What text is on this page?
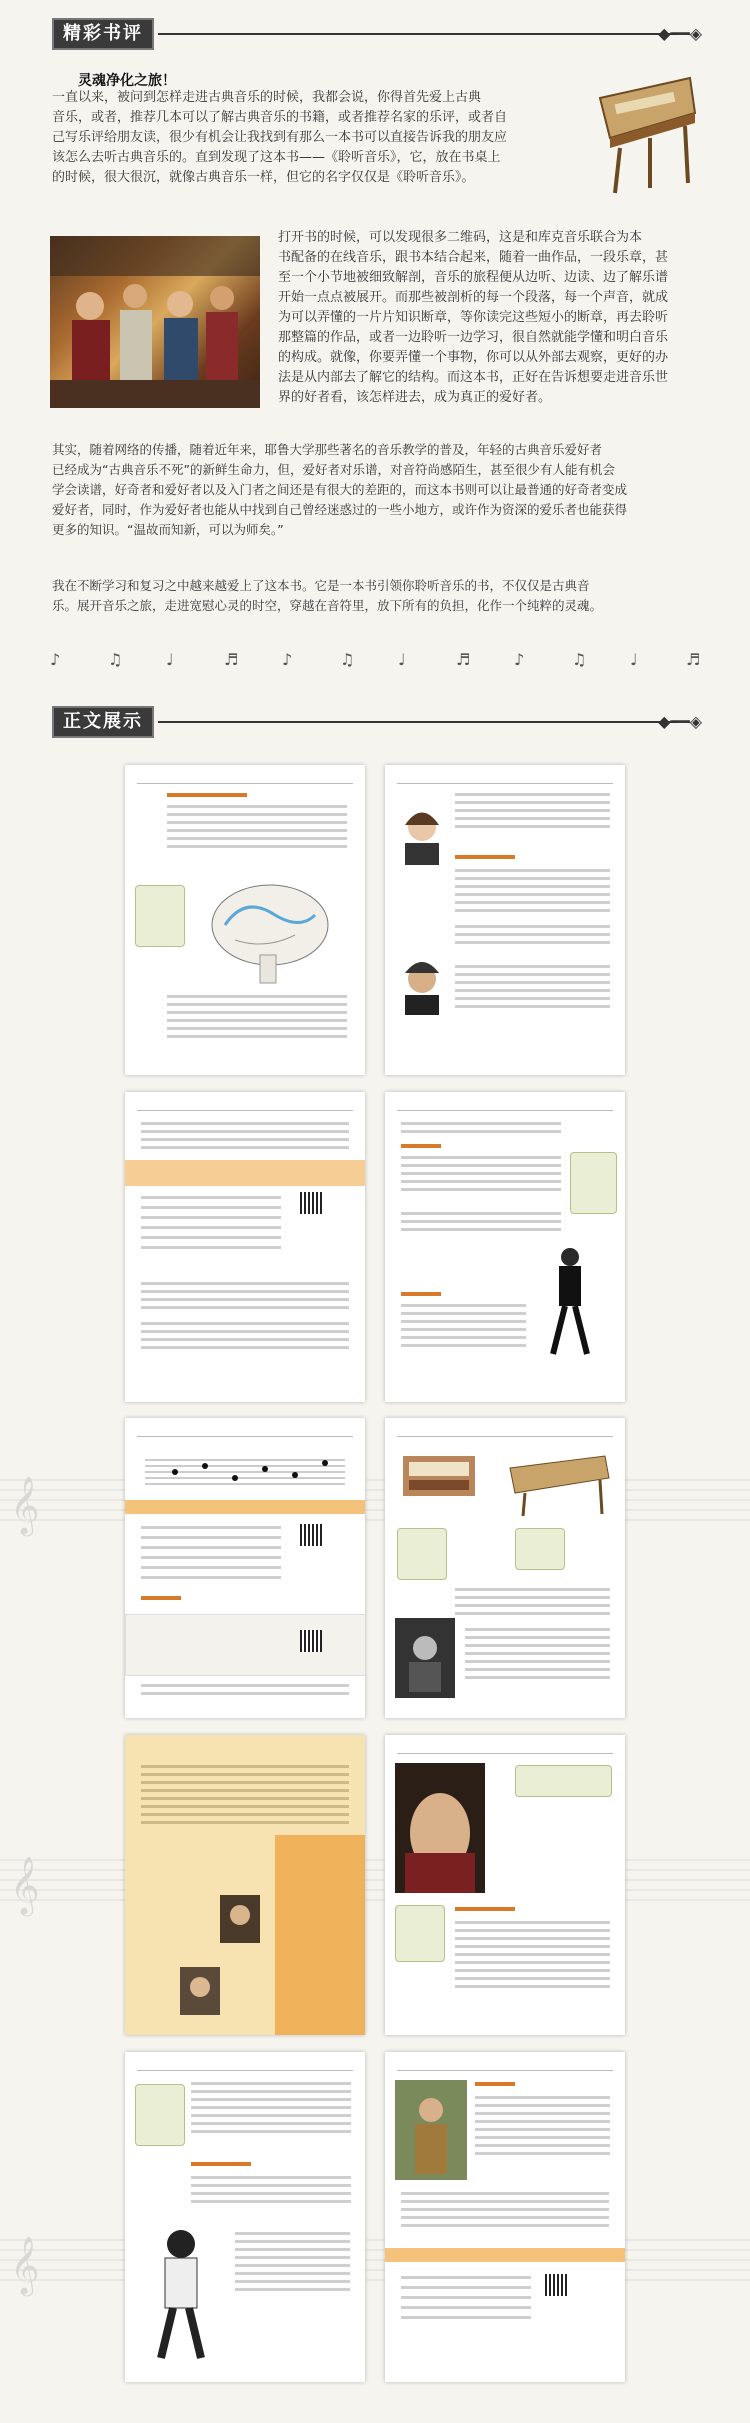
精彩书评	◆━━◈
灵魂净化之旅！
一直以来，被问到怎样走进古典音乐的时候，我都会说，你得首先爱上古典
音乐，或者，推荐几本可以了解古典音乐的书籍，或者推荐名家的乐评，或者自
己写乐评给朋友读，很少有机会让我找到有那么一本书可以直接告诉我的朋友应
该怎么去听古典音乐的。直到发现了这本书——《聆听音乐》，它，放在书桌上
的时候，很大很沉，就像古典音乐一样，但它的名字仅仅是《聆听音乐》。
打开书的时候，可以发现很多二维码，这是和库克音乐联合为本
书配备的在线音乐，跟书本结合起来，随着一曲作品，一段乐章，甚
至一个小节地被细致解剖，音乐的旅程便从边听、边读、边了解乐谱
开始一点点被展开。而那些被剖析的每一个段落，每一个声音，就成
为可以弄懂的一片片知识断章，等你读完这些短小的断章，再去聆听
那整篇的作品，或者一边聆听一边学习，很自然就能学懂和明白音乐
的构成。就像，你要弄懂一个事物，你可以从外部去观察，更好的办
法是从内部去了解它的结构。而这本书，正好在告诉想要走进音乐世
界的好者看，该怎样进去，成为真正的爱好者。
其实，随着网络的传播，随着近年来，耶鲁大学那些著名的音乐教学的普及，年轻的古典音乐爱好者
已经成为“古典音乐不死”的新鲜生命力，但，爱好者对乐谱，对音符尚感陌生，甚至很少有人能有机会
学会读谱，好奇者和爱好者以及入门者之间还是有很大的差距的，而这本书则可以让最普通的好奇者变成
爱好者，同时，作为爱好者也能从中找到自己曾经迷惑过的一些小地方，或许作为资深的爱乐者也能获得
更多的知识。“温故而知新，可以为师矣。”
我在不断学习和复习之中越来越爱上了这本书。它是一本书引领你聆听音乐的书，不仅仅是古典音
乐。展开音乐之旅，走进宽慰心灵的时空，穿越在音符里，放下所有的负担，化作一个纯粹的灵魂。
♪	♫	♩	♬	♪	♫	♩	♬	♪	♫	♩	♬
正文展示	◆━━◈
𝄞
𝄞
𝄞
